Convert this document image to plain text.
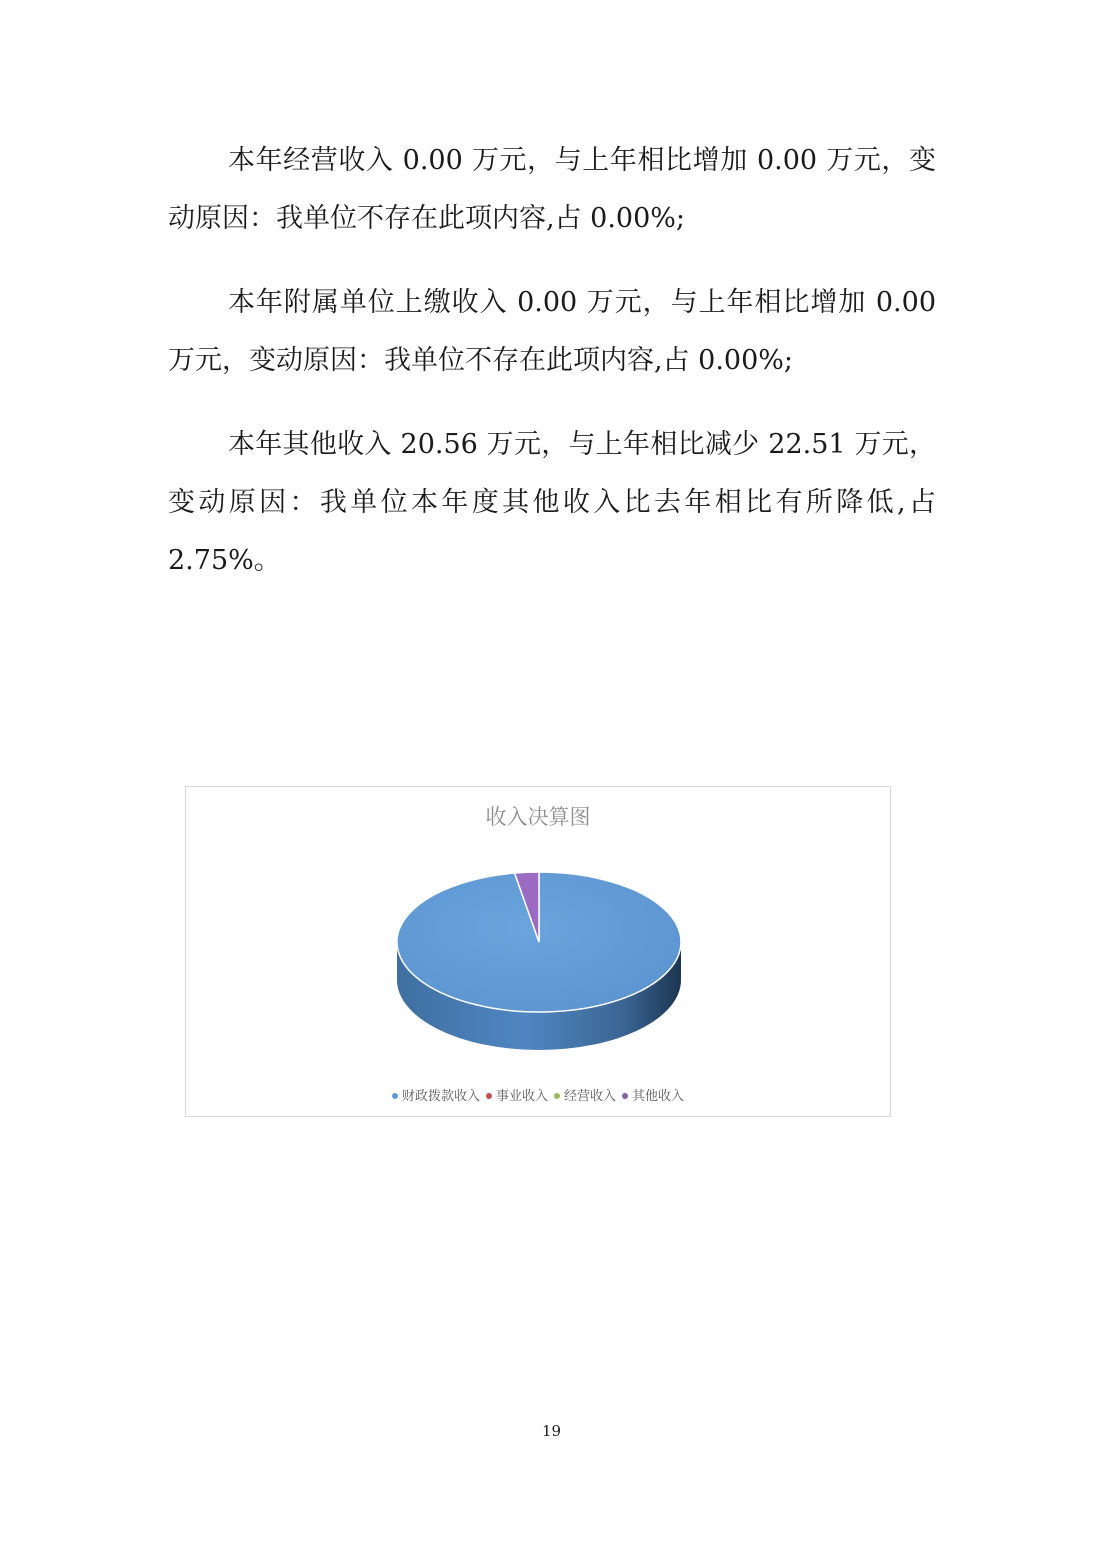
本年经营收入 0.00 万元，与上年相比增加 0.00 万元，变动原因：我单位不存在此项内容,占 0.00%;

本年附属单位上缴收入 0.00 万元，与上年相比增加 0.00 万元，变动原因：我单位不存在此项内容,占 0.00%;

本年其他收入 20.56 万元，与上年相比减少 22.51 万元，变动原因：我单位本年度其他收入比去年相比有所降低,占 2.75%。

收入决算图
财政拨款收入 事业收入 经营收入 其他收入
19
